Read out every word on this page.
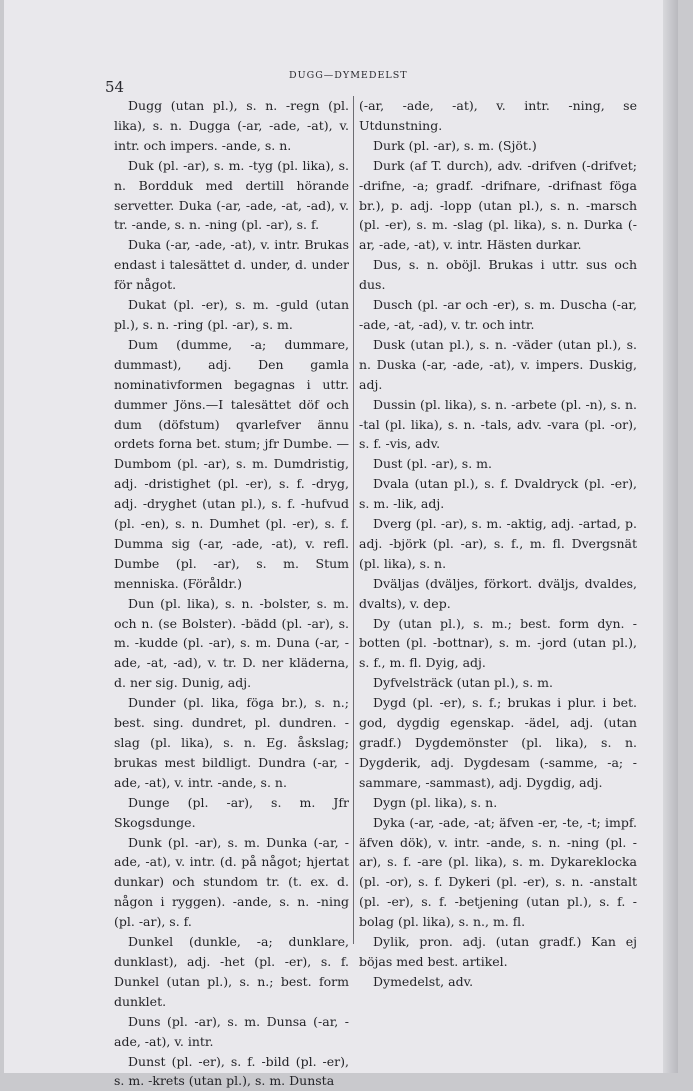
54
DUGG—DYMEDELST

Dugg (utan pl.), s. n. -regn (pl. lika), s. n. Dugga (-ar, -ade, -at), v. intr. och impers. -ande, s. n.

Duk (pl. -ar), s. m. -tyg (pl. lika), s. n. Bordduk med dertill hörande servetter. Duka (-ar, -ade, -at, -ad), v. tr. -ande, s. n. -ning (pl. -ar), s. f.

Duka (-ar, -ade, -at), v. intr. Brukas endast i talesättet d. under, d. under för något.

Dukat (pl. -er), s. m. -guld (utan pl.), s. n. -ring (pl. -ar), s. m.

Dum (dumme, -a; dummare, dummast), adj. Den gamla nominativformen begagnas i uttr. dummer Jöns.—I talesättet döf och dum (döfstum) qvarlefver ännu ordets forna bet. stum; jfr Dumbe. — Dumbom (pl. -ar), s. m. Dumdristig, adj. -dristighet (pl. -er), s. f. -dryg, adj. -dryghet (utan pl.), s. f. -hufvud (pl. -en), s. n. Dumhet (pl. -er), s. f. Dumma sig (-ar, -ade, -at), v. refl. Dumbe (pl. -ar), s. m. Stum menniska. (Föråldr.)

Dun (pl. lika), s. n. -bolster, s. m. och n. (se Bolster). -bädd (pl. -ar), s. m. -kudde (pl. -ar), s. m. Duna (-ar, -ade, -at, -ad), v. tr. D. ner kläderna, d. ner sig. Dunig, adj.

Dunder (pl. lika, föga br.), s. n.; best. sing. dundret, pl. dundren. -slag (pl. lika), s. n. Eg. åskslag; brukas mest bildligt. Dundra (-ar, -ade, -at), v. intr. -ande, s. n.

Dunge (pl. -ar), s. m. Jfr Skogsdunge.

Dunk (pl. -ar), s. m. Dunka (-ar, -ade, -at), v. intr. (d. på något; hjertat dunkar) och stundom tr. (t. ex. d. någon i ryggen). -ande, s. n. -ning (pl. -ar), s. f.

Dunkel (dunkle, -a; dunklare, dunklast), adj. -het (pl. -er), s. f. Dunkel (utan pl.), s. n.; best. form dunklet.

Duns (pl. -ar), s. m. Dunsa (-ar, -ade, -at), v. intr.

Dunst (pl. -er), s. f. -bild (pl. -er), s. m. -krets (utan pl.), s. m. Dunsta

(-ar, -ade, -at), v. intr. -ning, se Utdunstning.

Durk (pl. -ar), s. m. (Sjöt.)

Durk (af T. durch), adv. -drifven (-drifvet; -drifne, -a; gradf. -drifnare, -drifnast föga br.), p. adj. -lopp (utan pl.), s. n. -marsch (pl. -er), s. m. -slag (pl. lika), s. n. Durka (-ar, -ade, -at), v. intr. Hästen durkar.

Dus, s. n. oböjl. Brukas i uttr. sus och dus.

Dusch (pl. -ar och -er), s. m. Duscha (-ar, -ade, -at, -ad), v. tr. och intr.

Dusk (utan pl.), s. n. -väder (utan pl.), s. n. Duska (-ar, -ade, -at), v. impers. Duskig, adj.

Dussin (pl. lika), s. n. -arbete (pl. -n), s. n. -tal (pl. lika), s. n. -tals, adv. -vara (pl. -or), s. f. -vis, adv.

Dust (pl. -ar), s. m.

Dvala (utan pl.), s. f. Dvaldryck (pl. -er), s. m. -lik, adj.

Dverg (pl. -ar), s. m. -aktig, adj. -artad, p. adj. -björk (pl. -ar), s. f., m. fl. Dvergsnät (pl. lika), s. n.

Dväljas (dväljes, förkort. dväljs, dvaldes, dvalts), v. dep.

Dy (utan pl.), s. m.; best. form dyn. -botten (pl. -bottnar), s. m. -jord (utan pl.), s. f., m. fl. Dyig, adj.

Dyfvelsträck (utan pl.), s. m.

Dygd (pl. -er), s. f.; brukas i plur. i bet. god, dygdig egenskap. -ädel, adj. (utan gradf.) Dygdemönster (pl. lika), s. n. Dygderik, adj. Dygdesam (-samme, -a; -sammare, -sammast), adj. Dygdig, adj.

Dygn (pl. lika), s. n.

Dyka (-ar, -ade, -at; äfven -er, -te, -t; impf. äfven dök), v. intr. -ande, s. n. -ning (pl. -ar), s. f. -are (pl. lika), s. m. Dykareklocka (pl. -or), s. f. Dykeri (pl. -er), s. n. -anstalt (pl. -er), s. f. -betjening (utan pl.), s. f. -bolag (pl. lika), s. n., m. fl.

Dylik, pron. adj. (utan gradf.) Kan ej böjas med best. artikel.

Dymedelst, adv.
